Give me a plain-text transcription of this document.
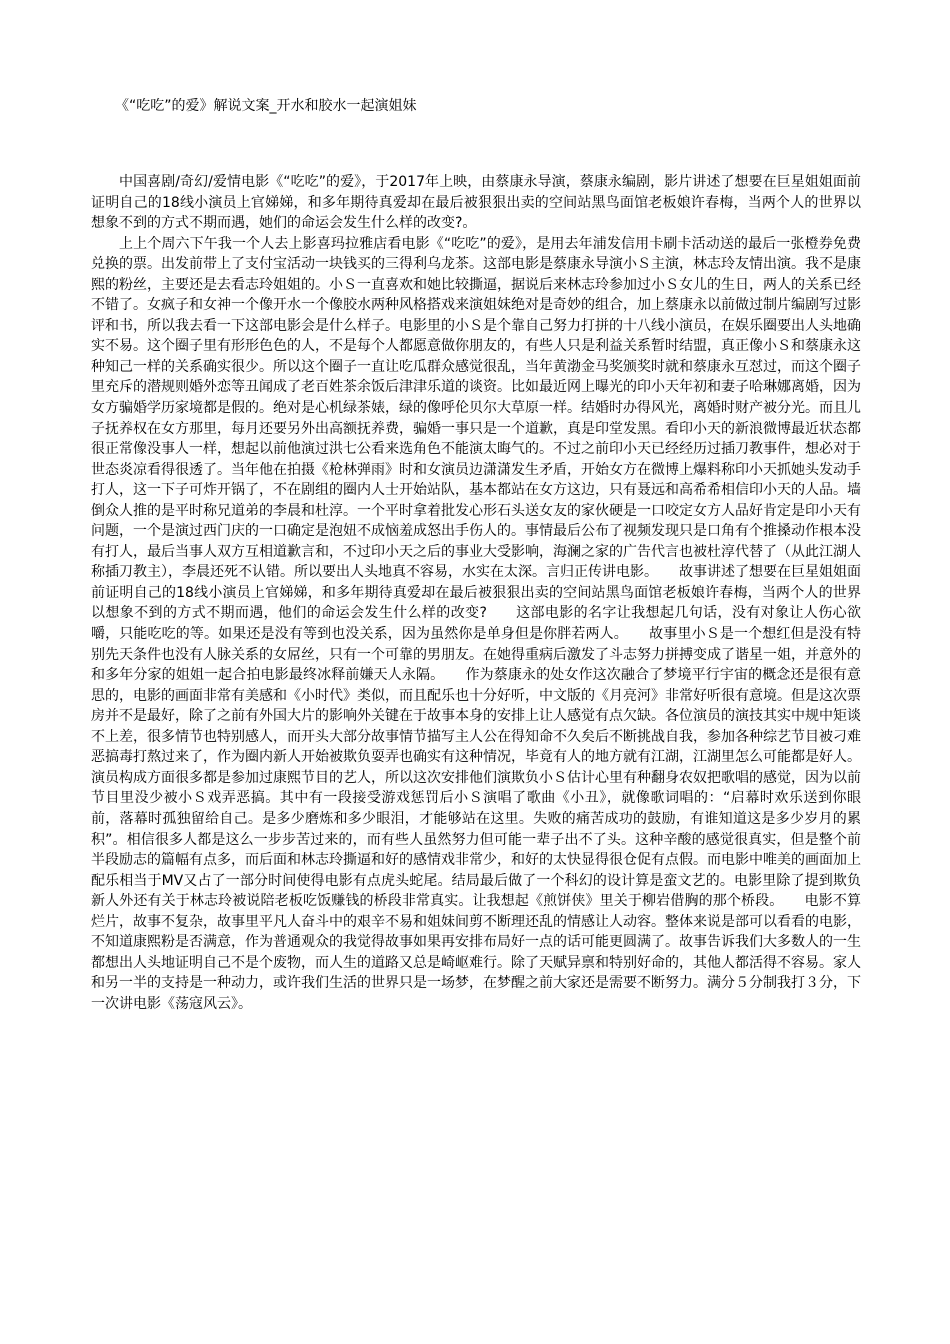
《“吃吃”的爱》解说文案_开水和胶水一起演姐妹

中国喜剧/奇幻/爱情电影《“吃吃”的爱》，于2017年上映，由蔡康永导演，蔡康永编剧，影片讲述了想要在巨星姐姐面前证明自己的18线小演员上官娣娣，和多年期待真爱却在最后被狠狠出卖的空间站黑鸟面馆老板娘许春梅，当两个人的世界以想象不到的方式不期而遇，她们的命运会发生什么样的改变?。

上上个周六下午我一个人去上影喜玛拉雅店看电影《“吃吃”的爱》，是用去年浦发信用卡刷卡活动送的最后一张橙券免费兑换的票。出发前带上了支付宝活动一块钱买的三得利乌龙茶。这部电影是蔡康永导演小Ｓ主演，林志玲友情出演。我不是康熙的粉丝，主要还是去看志玲姐姐的。小Ｓ一直喜欢和她比较撕逼，据说后来林志玲参加过小Ｓ女儿的生日，两人的关系已经不错了。女疯子和女神一个像开水一个像胶水两种风格搭戏来演姐妹绝对是奇妙的组合，加上蔡康永以前做过制片编剧写过影评和书，所以我去看一下这部电影会是什么样子。电影里的小Ｓ是个靠自己努力打拼的十八线小演员，在娱乐圈要出人头地确实不易。这个圈子里有形形色色的人，不是每个人都愿意做你朋友的，有些人只是利益关系暂时结盟，真正像小Ｓ和蔡康永这种知己一样的关系确实很少。所以这个圈子一直让吃瓜群众感觉很乱，当年黄渤金马奖颁奖时就和蔡康永互怼过，而这个圈子里充斥的潜规则婚外恋等丑闻成了老百姓茶余饭后津津乐道的谈资。比如最近网上曝光的印小天年初和妻子哈琳娜离婚，因为女方骗婚学历家境都是假的。绝对是心机绿茶婊，绿的像呼伦贝尔大草原一样。结婚时办得风光，离婚时财产被分光。而且儿子抚养权在女方那里，每月还要另外出高额抚养费，骗婚一事只是一个道歉，真是印堂发黑。看印小天的新浪微博最近状态都很正常像没事人一样，想起以前他演过洪七公看来选角色不能演太晦气的。不过之前印小天已经经历过插刀教事件，想必对于世态炎凉看得很透了。当年他在拍摄《枪林弹雨》时和女演员边潇潇发生矛盾，开始女方在微博上爆料称印小天抓她头发动手打人，这一下子可炸开锅了，不在剧组的圈内人士开始站队，基本都站在女方这边，只有聂远和高希希相信印小天的人品。墙倒众人推的是平时称兄道弟的李晨和杜淳。一个平时拿着批发心形石头送女友的家伙硬是一口咬定女方人品好肯定是印小天有问题，一个是演过西门庆的一口确定是泡妞不成恼羞成怒出手伤人的。事情最后公布了视频发现只是口角有个推搡动作根本没有打人，最后当事人双方互相道歉言和，不过印小天之后的事业大受影响，海澜之家的广告代言也被杜淳代替了（从此江湖人称插刀教主），李晨还死不认错。所以要出人头地真不容易，水实在太深。言归正传讲电影。　　故事讲述了想要在巨星姐姐面前证明自己的18线小演员上官娣娣，和多年期待真爱却在最后被狠狠出卖的空间站黑鸟面馆老板娘许春梅，当两个人的世界以想象不到的方式不期而遇，他们的命运会发生什么样的改变?　　这部电影的名字让我想起几句话，没有对象让人伤心欲嚼，只能吃吃的等。如果还是没有等到也没关系，因为虽然你是单身但是你胖若两人。　　故事里小Ｓ是一个想红但是没有特别先天条件也没有人脉关系的女屌丝，只有一个可靠的男朋友。在她得重病后激发了斗志努力拼搏变成了谐星一姐，并意外的和多年分家的姐姐一起合拍电影最终冰释前嫌天人永隔。　　作为蔡康永的处女作这次融合了梦境平行宇宙的概念还是很有意思的，电影的画面非常有美感和《小时代》类似，而且配乐也十分好听，中文版的《月亮河》非常好听很有意境。但是这次票房并不是最好，除了之前有外国大片的影响外关键在于故事本身的安排上让人感觉有点欠缺。各位演员的演技其实中规中矩谈不上差，很多情节也特别感人，而开头大部分故事情节描写主人公在得知命不久矣后不断挑战自我，参加各种综艺节目被刁难恶搞毒打熬过来了，作为圈内新人开始被欺负耍弄也确实有这种情况，毕竟有人的地方就有江湖，江湖里怎么可能都是好人。演员构成方面很多都是参加过康熙节目的艺人，所以这次安排他们演欺负小Ｓ估计心里有种翻身农奴把歌唱的感觉，因为以前节目里没少被小Ｓ戏弄恶搞。其中有一段接受游戏惩罚后小Ｓ演唱了歌曲《小丑》，就像歌词唱的：“启幕时欢乐送到你眼前，落幕时孤独留给自己。是多少磨炼和多少眼泪，才能够站在这里。失败的痛苦成功的鼓励，有谁知道这是多少岁月的累积”。相信很多人都是这么一步步苦过来的，而有些人虽然努力但可能一辈子出不了头。这种辛酸的感觉很真实，但是整个前半段励志的篇幅有点多，而后面和林志玲撕逼和好的感情戏非常少，和好的太快显得很仓促有点假。而电影中唯美的画面加上配乐相当于MV又占了一部分时间使得电影有点虎头蛇尾。结局最后做了一个科幻的设计算是蛮文艺的。电影里除了提到欺负新人外还有关于林志玲被说陪老板吃饭赚钱的桥段非常真实。让我想起《煎饼侠》里关于柳岩借胸的那个桥段。　　电影不算烂片，故事不复杂，故事里平凡人奋斗中的艰辛不易和姐妹间剪不断理还乱的情感让人动容。整体来说是部可以看看的电影，不知道康熙粉是否满意，作为普通观众的我觉得故事如果再安排布局好一点的话可能更圆满了。故事告诉我们大多数人的一生都想出人头地证明自己不是个废物，而人生的道路又总是崎岖难行。除了天赋异禀和特别好命的，其他人都活得不容易。家人和另一半的支持是一种动力，或许我们生活的世界只是一场梦，在梦醒之前大家还是需要不断努力。满分５分制我打３分，下一次讲电影《荡寇风云》。
